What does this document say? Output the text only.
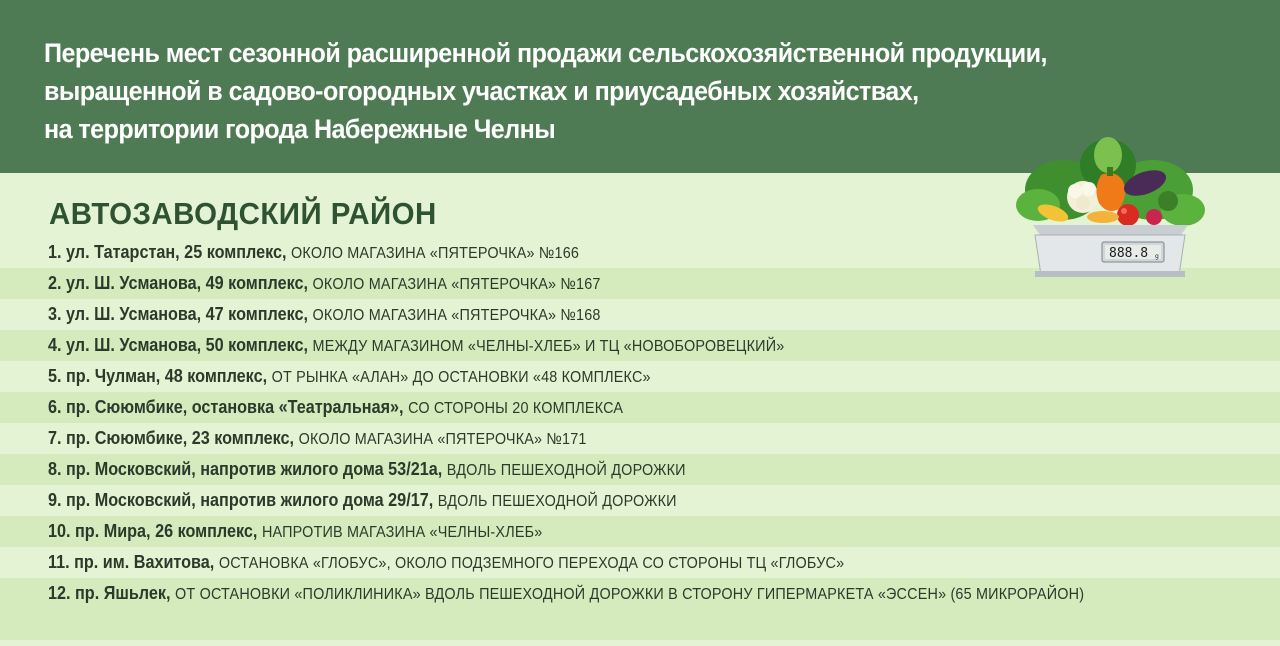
Перечень мест сезонной расширенной продажи сельскохозяйственной продукции,
выращенной в садово-огородных участках и приусадебных хозяйствах,
на территории города Набережные Челны
АВТОЗАВОДСКИЙ РАЙОН
1. ул. Татарстан, 25 комплекс, ОКОЛО МАГАЗИНА «ПЯТЕРОЧКА» №166
2. ул. Ш. Усманова, 49 комплекс, ОКОЛО МАГАЗИНА «ПЯТЕРОЧКА» №167
3. ул. Ш. Усманова, 47 комплекс, ОКОЛО МАГАЗИНА «ПЯТЕРОЧКА» №168
4. ул. Ш. Усманова, 50 комплекс, МЕЖДУ МАГАЗИНОМ «ЧЕЛНЫ-ХЛЕБ» И ТЦ «НОВОБОРОВЕЦКИЙ»
5. пр. Чулман, 48 комплекс, ОТ РЫНКА «АЛАН» ДО ОСТАНОВКИ «48 КОМПЛЕКС»
6. пр. Сююмбике, остановка «Театральная», СО СТОРОНЫ 20 КОМПЛЕКСА
7. пр. Сююмбике, 23 комплекс, ОКОЛО МАГАЗИНА «ПЯТЕРОЧКА» №171
8. пр. Московский, напротив жилого дома 53/21а, ВДОЛЬ ПЕШЕХОДНОЙ ДОРОЖКИ
9. пр. Московский, напротив жилого дома 29/17, ВДОЛЬ ПЕШЕХОДНОЙ ДОРОЖКИ
10. пр. Мира, 26 комплекс, НАПРОТИВ МАГАЗИНА «ЧЕЛНЫ-ХЛЕБ»
11. пр. им. Вахитова, ОСТАНОВКА «ГЛОБУС», ОКОЛО ПОДЗЕМНОГО ПЕРЕХОДА СО СТОРОНЫ ТЦ «ГЛОБУС»
12. пр. Яшьлек, ОТ ОСТАНОВКИ «ПОЛИКЛИНИКА» ВДОЛЬ ПЕШЕХОДНОЙ ДОРОЖКИ В СТОРОНУ ГИПЕРМАРКЕТА «ЭССЕН» (65 МИКРОРАЙОН)
888.8 g
